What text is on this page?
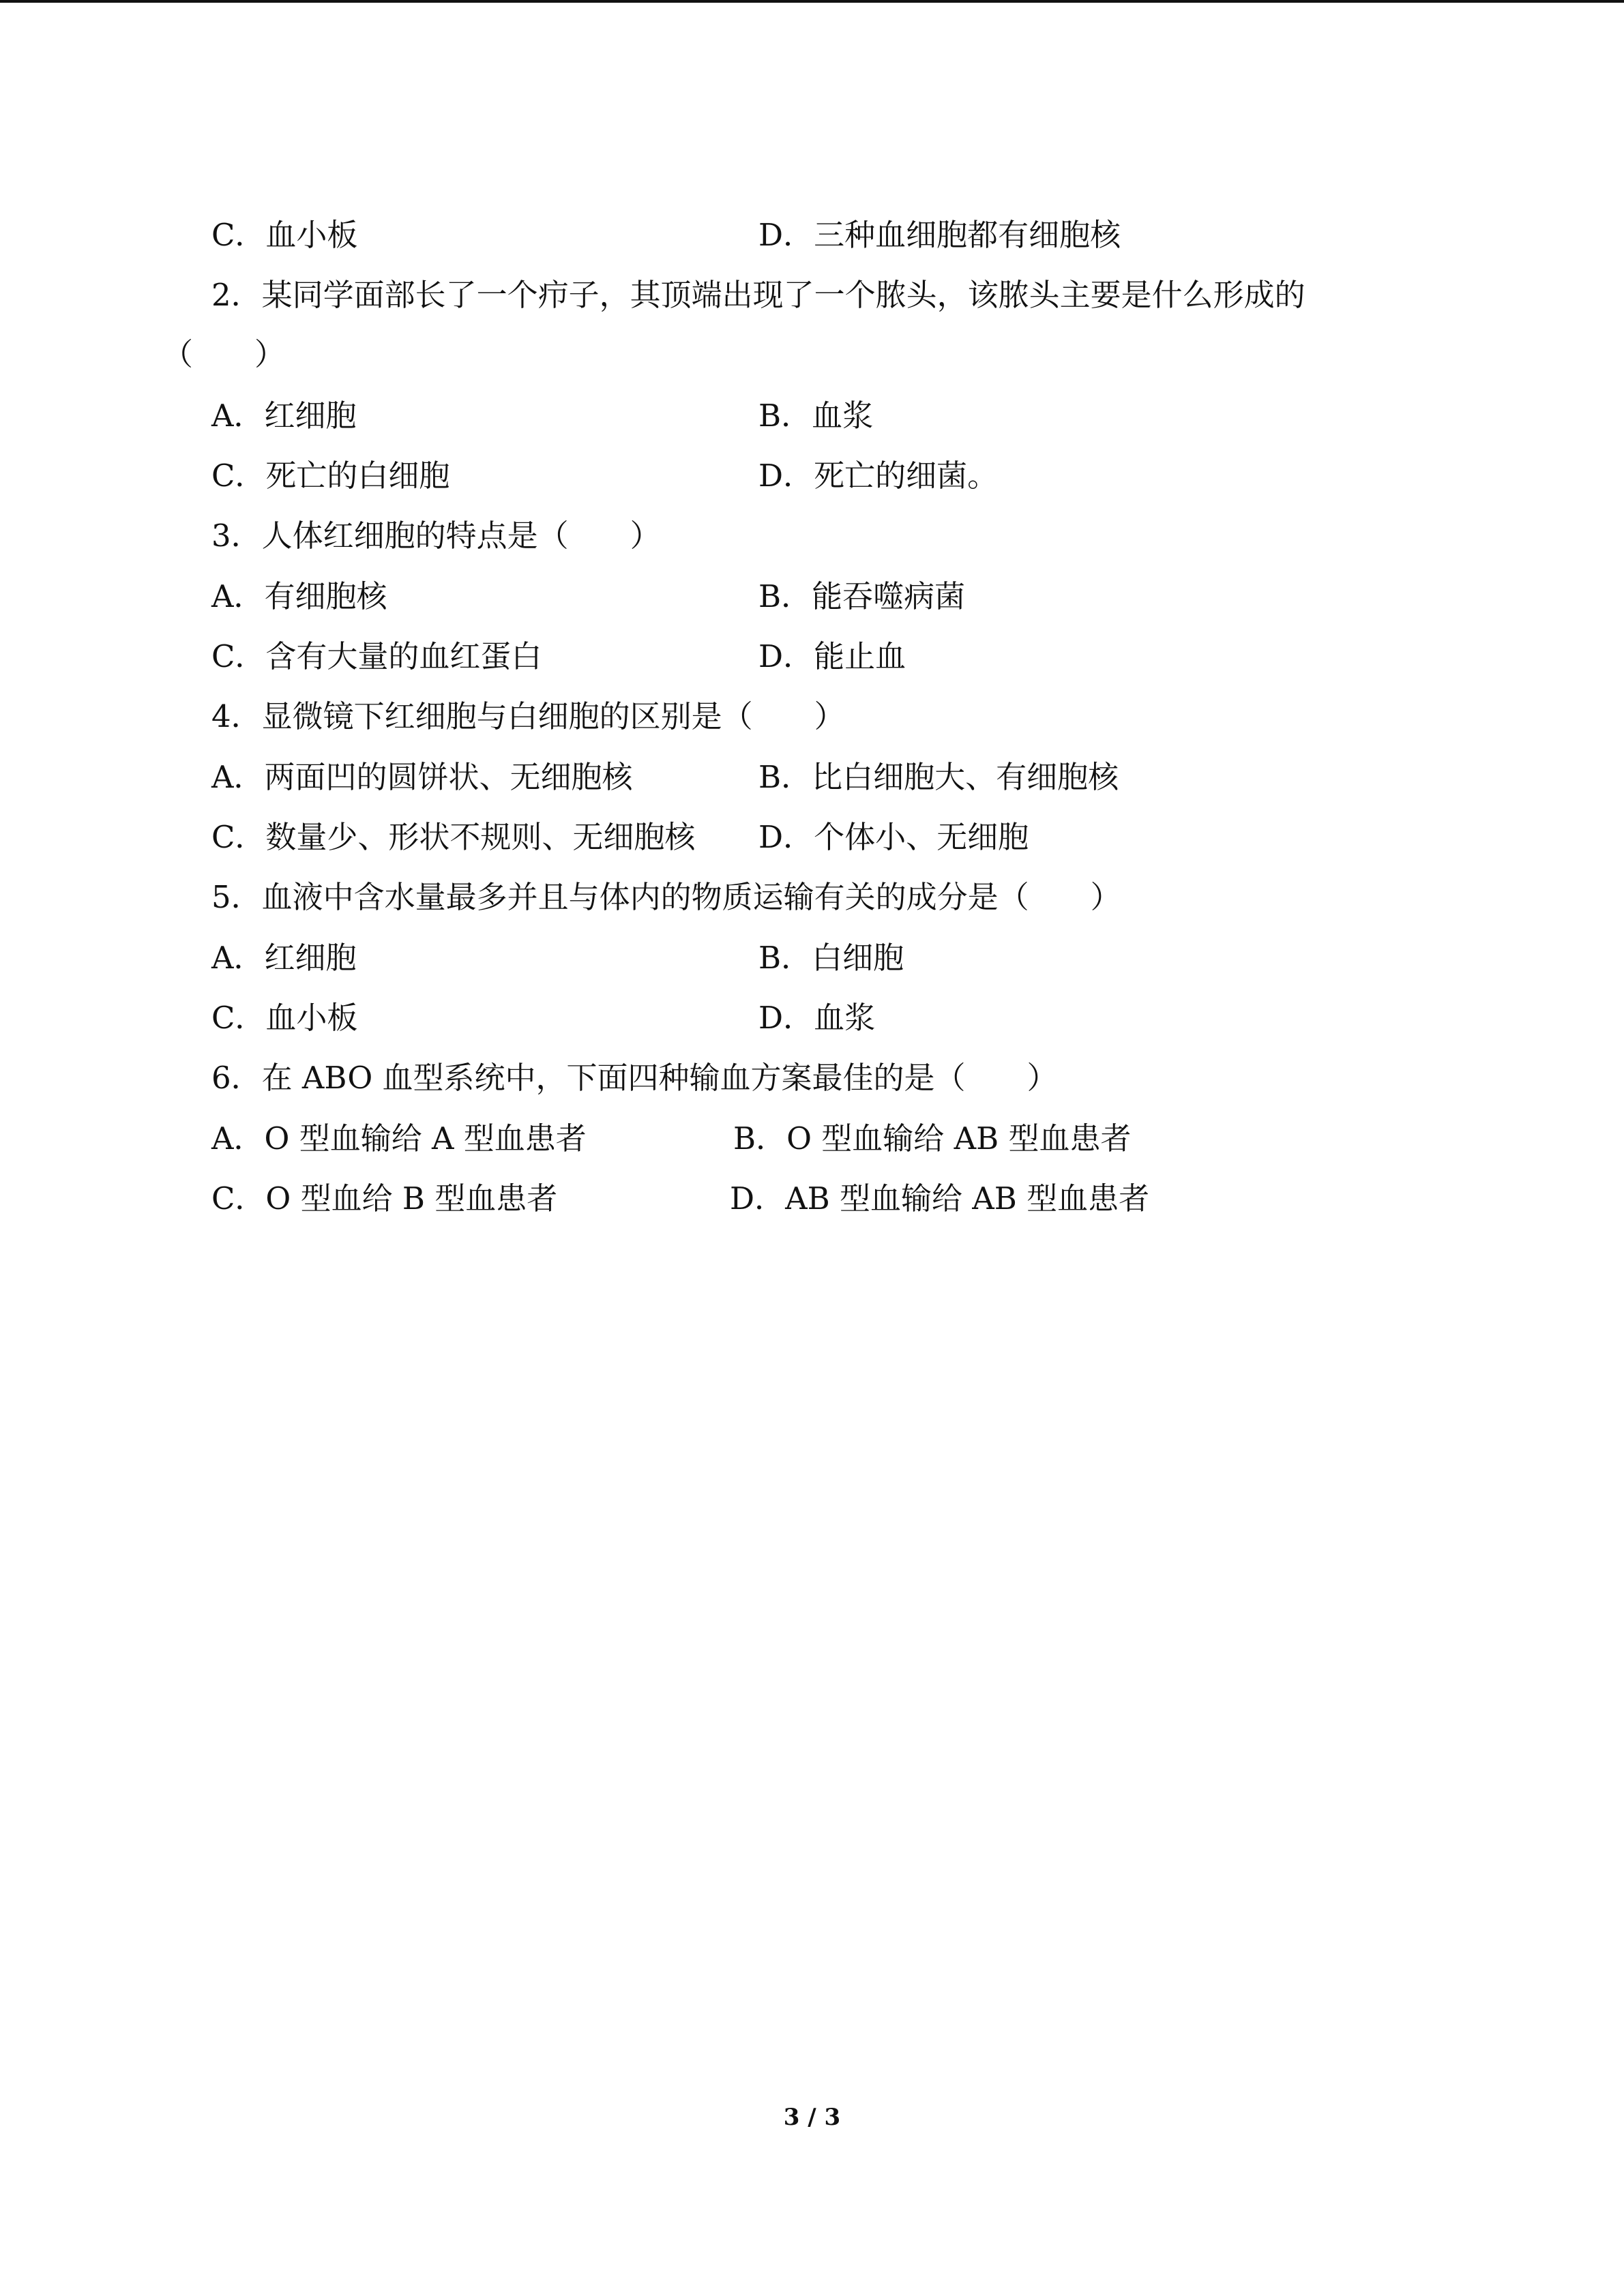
C．血小板	D．三种血细胞都有细胞核
2．某同学面部长了一个疖子，其顶端出现了一个脓头，该脓头主要是什么形成的
（　　）
A．红细胞	B．血浆
C．死亡的白细胞	D．死亡的细菌。
3．人体红细胞的特点是（　　）
A．有细胞核	B．能吞噬病菌
C．含有大量的血红蛋白	D．能止血
4．显微镜下红细胞与白细胞的区别是（　　）
A．两面凹的圆饼状、无细胞核	B．比白细胞大、有细胞核
C．数量少、形状不规则、无细胞核 D．个体小、无细胞
5．血液中含水量最多并且与体内的物质运输有关的成分是（　　）
A．红细胞	B．白细胞
C．血小板	D．血浆
6．在 ABO 血型系统中，下面四种输血方案最佳的是（　　）
A．O 型血输给 A 型血患者	B．O 型血输给 AB 型血患者
C．O 型血给 B 型血患者	D．AB 型血输给 AB 型血患者
3 / 3
